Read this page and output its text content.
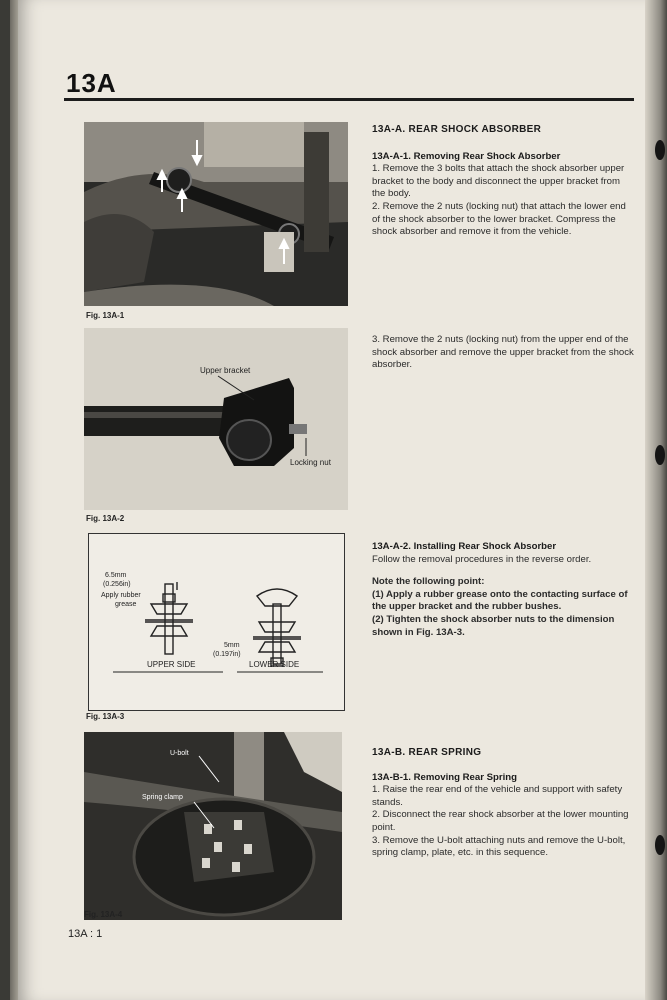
13A
Fig. 13A-1
Upper bracket
Locking nut
Fig. 13A-2
6.5mm
(0.256in)
Apply rubber
grease
5mm
(0.197in)
UPPER SIDE	LOWER SIDE
Fig. 13A-3
U-bolt
Spring clamp
Fig. 13A-4
13A-A. REAR SHOCK ABSORBER
13A-A-1. Removing Rear Shock Absorber

1. Remove the 3 bolts that attach the shock absorber upper bracket to the body and disconnect the upper bracket from the body.

2. Remove the 2 nuts (locking nut) that attach the lower end of the shock absorber to the lower bracket. Compress the shock absorber and remove it from the vehicle.

3. Remove the 2 nuts (locking nut) from the upper end of the shock absorber and remove the upper bracket from the shock absorber.

13A-A-2. Installing Rear Shock Absorber

Follow the removal procedures in the reverse order.

Note the following point:

(1) Apply a rubber grease onto the contacting surface of the upper bracket and the rubber bushes.

(2) Tighten the shock absorber nuts to the dimension shown in Fig. 13A-3.

13A-B. REAR SPRING
13A-B-1. Removing Rear Spring

1. Raise the rear end of the vehicle and support with safety stands.

2. Disconnect the rear shock absorber at the lower mounting point.

3. Remove the U-bolt attaching nuts and remove the U-bolt, spring clamp, plate, etc. in this sequence.

13A : 1
